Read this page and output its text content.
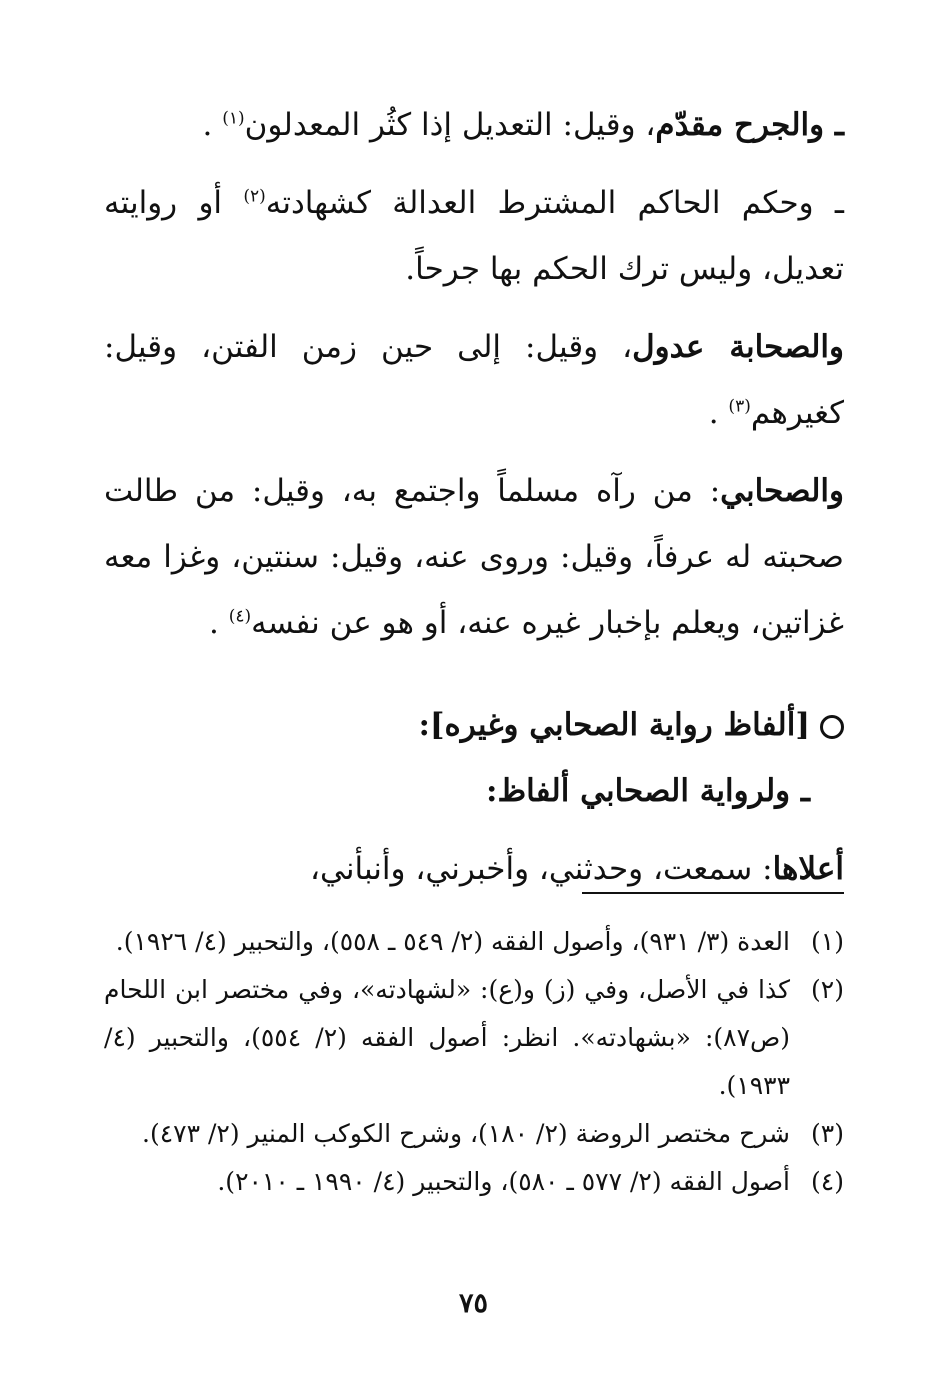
ـ والجرح مقدّم، وقيل: التعديل إذا كثُر المعدلون$^{(١)}$ .

ـ وحكم الحاكم المشترط العدالة كشهادته$^{(٢)}$ أو روايته تعديل، وليس ترك الحكم بها جرحاً.

والصحابة عدول، وقيل: إلى حين زمن الفتن، وقيل: كغيرهم$^{(٣)}$ .

والصحابي: من رآه مسلماً واجتمع به، وقيل: من طالت صحبته له عرفاً، وقيل: وروى عنه، وقيل: سنتين، وغزا معه غزاتين، ويعلم بإخبار غيره عنه، أو هو عن نفسه$^{(٤)}$ .

[ألفاظ رواية الصحابي وغيره]:

ـ ولرواية الصحابي ألفاظ:

أعلاها: سمعت، وحدثني، وأخبرني، وأنبأني،

(١)
العدة (٣/ ٩٣١)، وأصول الفقه (٢/ ٥٤٩ ـ ٥٥٨)، والتحبير (٤/ ١٩٢٦).

(٢)
كذا في الأصل، وفي (ز) و(ع): «لشهادته»، وفي مختصر ابن اللحام (ص٨٧): «بشهادته». انظر: أصول الفقه (٢/ ٥٥٤)، والتحبير (٤/ ١٩٣٣).

(٣)
شرح مختصر الروضة (٢/ ١٨٠)، وشرح الكوكب المنير (٢/ ٤٧٣).

(٤)
أصول الفقه (٢/ ٥٧٧ ـ ٥٨٠)، والتحبير (٤/ ١٩٩٠ ـ ٢٠١٠).

٧٥
